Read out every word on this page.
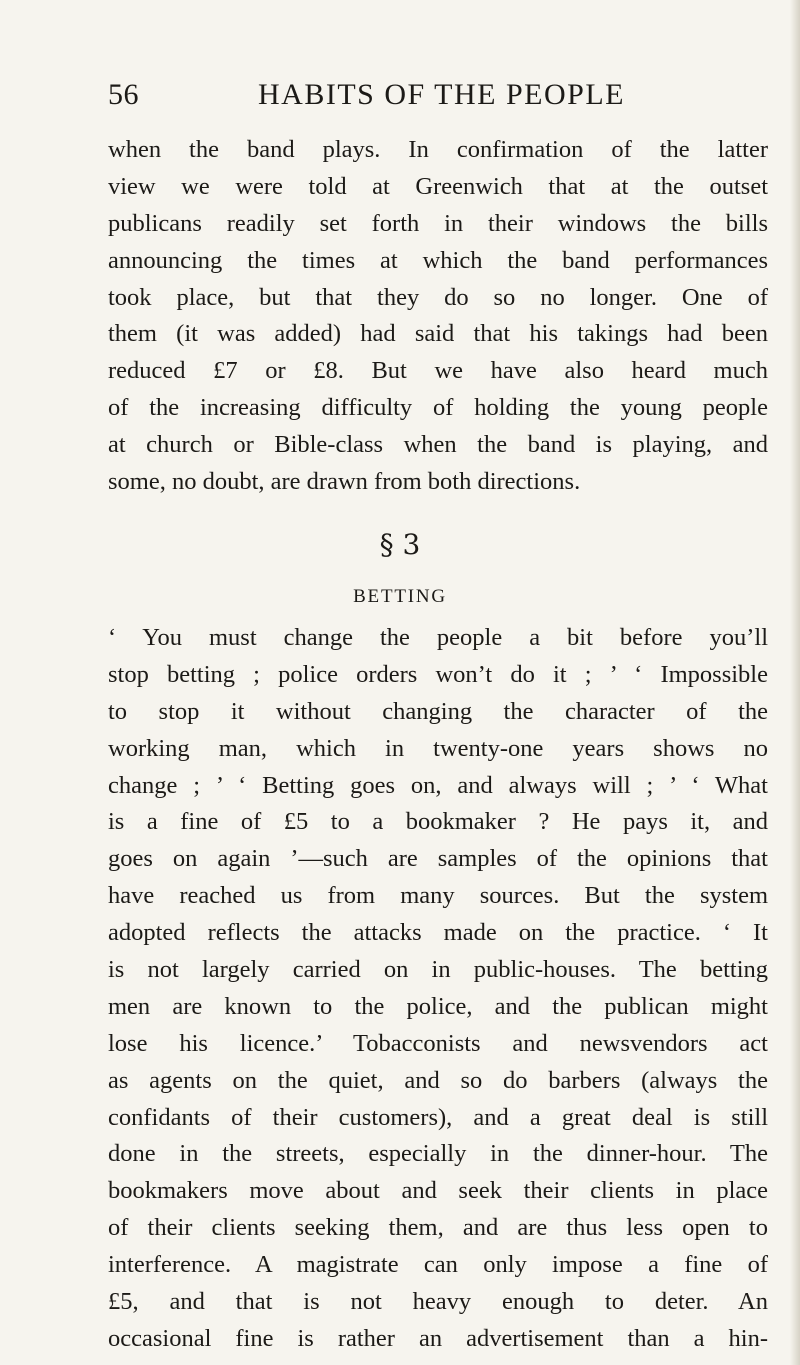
56	HABITS OF THE PEOPLE
when the band plays. In confirmation of the latter
view we were told at Greenwich that at the outset
publicans readily set forth in their windows the bills
announcing the times at which the band performances
took place, but that they do so no longer. One of
them (it was added) had said that his takings had been
reduced £7 or £8. But we have also heard much
of the increasing difficulty of holding the young people
at church or Bible-class when the band is playing, and
some, no doubt, are drawn from both directions.
§ 3
BETTING
‘ You must change the people a bit before you’ll
stop betting ; police orders won’t do it ; ’ ‘ Impossible
to stop it without changing the character of the
working man, which in twenty-one years shows no
change ; ’ ‘ Betting goes on, and always will ; ’ ‘ What
is a fine of £5 to a bookmaker ? He pays it, and
goes on again ’—such are samples of the opinions that
have reached us from many sources. But the system
adopted reflects the attacks made on the practice. ‘ It
is not largely carried on in public-houses. The betting
men are known to the police, and the publican might
lose his licence.’ Tobacconists and newsvendors act
as agents on the quiet, and so do barbers (always the
confidants of their customers), and a great deal is still
done in the streets, especially in the dinner-hour. The
bookmakers move about and seek their clients in place
of their clients seeking them, and are thus less open to
interference. A magistrate can only impose a fine of
£5, and that is not heavy enough to deter. An
occasional fine is rather an advertisement than a hin-
